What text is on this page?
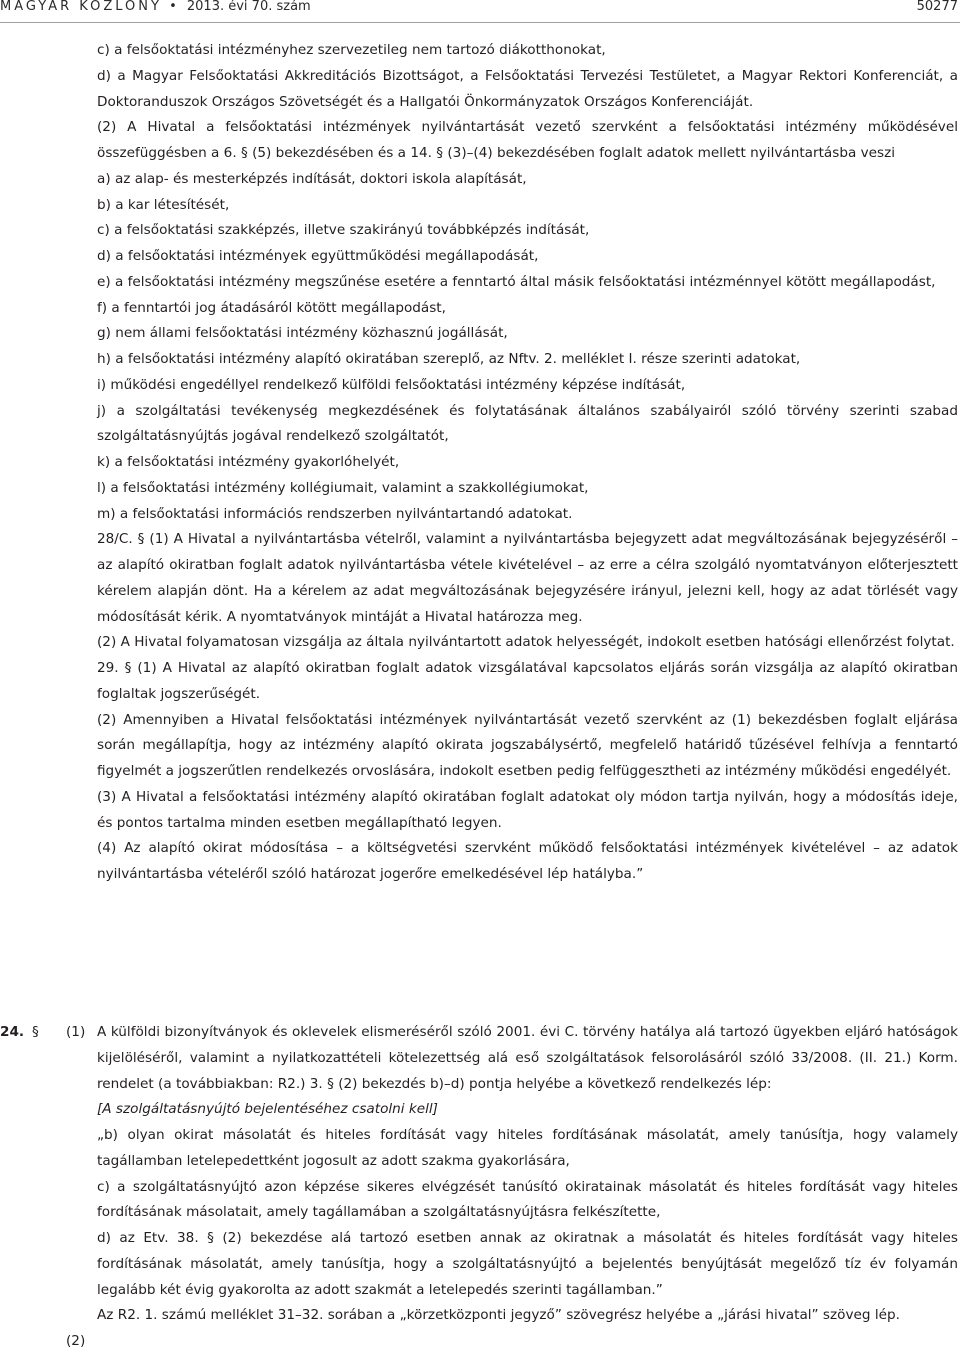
MAGYAR KÖZLÖNY • 2013. évi 70. szám	50277

c) a felsőoktatási intézményhez szervezetileg nem tartozó diákotthonokat,

d) a Magyar Felsőoktatási Akkreditációs Bizottságot, a Felsőoktatási Tervezési Testületet, a Magyar Rektori Konferenciát, a Doktoranduszok Országos Szövetségét és a Hallgatói Önkormányzatok Országos Konferenciáját.

(2) A Hivatal a felsőoktatási intézmények nyilvántartását vezető szervként a felsőoktatási intézmény működésével összefüggésben a 6. § (5) bekezdésében és a 14. § (3)–(4) bekezdésében foglalt adatok mellett nyilvántartásba veszi

a) az alap- és mesterképzés indítását, doktori iskola alapítását,

b) a kar létesítését,

c) a felsőoktatási szakképzés, illetve szakirányú továbbképzés indítását,

d) a felsőoktatási intézmények együttműködési megállapodását,

e) a felsőoktatási intézmény megszűnése esetére a fenntartó által másik felsőoktatási intézménnyel kötött megállapodást,

f) a fenntartói jog átadásáról kötött megállapodást,

g) nem állami felsőoktatási intézmény közhasznú jogállását,

h) a felsőoktatási intézmény alapító okiratában szereplő, az Nftv. 2. melléklet I. része szerinti adatokat,

i) működési engedéllyel rendelkező külföldi felsőoktatási intézmény képzése indítását,

j) a szolgáltatási tevékenység megkezdésének és folytatásának általános szabályairól szóló törvény szerinti szabad szolgáltatásnyújtás jogával rendelkező szolgáltatót,

k) a felsőoktatási intézmény gyakorlóhelyét,

l) a felsőoktatási intézmény kollégiumait, valamint a szakkollégiumokat,

m) a felsőoktatási információs rendszerben nyilvántartandó adatokat.

28/C. § (1) A Hivatal a nyilvántartásba vételről, valamint a nyilvántartásba bejegyzett adat megváltozásának bejegyzéséről – az alapító okiratban foglalt adatok nyilvántartásba vétele kivételével – az erre a célra szolgáló nyomtatványon előterjesztett kérelem alapján dönt. Ha a kérelem az adat megváltozásának bejegyzésére irányul, jelezni kell, hogy az adat törlését vagy módosítását kérik. A nyomtatványok mintáját a Hivatal határozza meg.

(2) A Hivatal folyamatosan vizsgálja az általa nyilvántartott adatok helyességét, indokolt esetben hatósági ellenőrzést folytat.

29. § (1) A Hivatal az alapító okiratban foglalt adatok vizsgálatával kapcsolatos eljárás során vizsgálja az alapító okiratban foglaltak jogszerűségét.

(2) Amennyiben a Hivatal felsőoktatási intézmények nyilvántartását vezető szervként az (1) bekezdésben foglalt eljárása során megállapítja, hogy az intézmény alapító okirata jogszabálysértő, megfelelő határidő tűzésével felhívja a fenntartó figyelmét a jogszerűtlen rendelkezés orvoslására, indokolt esetben pedig felfüggesztheti az intézmény működési engedélyét.

(3) A Hivatal a felsőoktatási intézmény alapító okiratában foglalt adatokat oly módon tartja nyilván, hogy a módosítás ideje, és pontos tartalma minden esetben megállapítható legyen.

(4) Az alapító okirat módosítása – a költségvetési szervként működő felsőoktatási intézmények kivételével – az adatok nyilvántartásba vételéről szóló határozat jogerőre emelkedésével lép hatályba.”

24. § (1) A külföldi bizonyítványok és oklevelek elismeréséről szóló 2001. évi C. törvény hatálya alá tartozó ügyekben eljáró hatóságok kijelöléséről, valamint a nyilatkozattételi kötelezettség alá eső szolgáltatások felsorolásáról szóló 33/2008. (II. 21.) Korm. rendelet (a továbbiakban: R2.) 3. § (2) bekezdés b)–d) pontja helyébe a következő rendelkezés lép:

[A szolgáltatásnyújtó bejelentéséhez csatolni kell]

„b) olyan okirat másolatát és hiteles fordítását vagy hiteles fordításának másolatát, amely tanúsítja, hogy valamely tagállamban letelepedettként jogosult az adott szakma gyakorlására,

c) a szolgáltatásnyújtó azon képzése sikeres elvégzését tanúsító okiratainak másolatát és hiteles fordítását vagy hiteles fordításának másolatait, amely tagállamában a szolgáltatásnyújtásra felkészítette,

d) az Etv. 38. § (2) bekezdése alá tartozó esetben annak az okiratnak a másolatát és hiteles fordítását vagy hiteles fordításának másolatát, amely tanúsítja, hogy a szolgáltatásnyújtó a bejelentés benyújtását megelőző tíz év folyamán legalább két évig gyakorolta az adott szakmát a letelepedés szerinti tagállamban.”

Az R2. 1. számú melléklet 31–32. sorában a „körzetközponti jegyző” szövegrész helyébe a „járási hivatal” szöveg lép.

(2)
